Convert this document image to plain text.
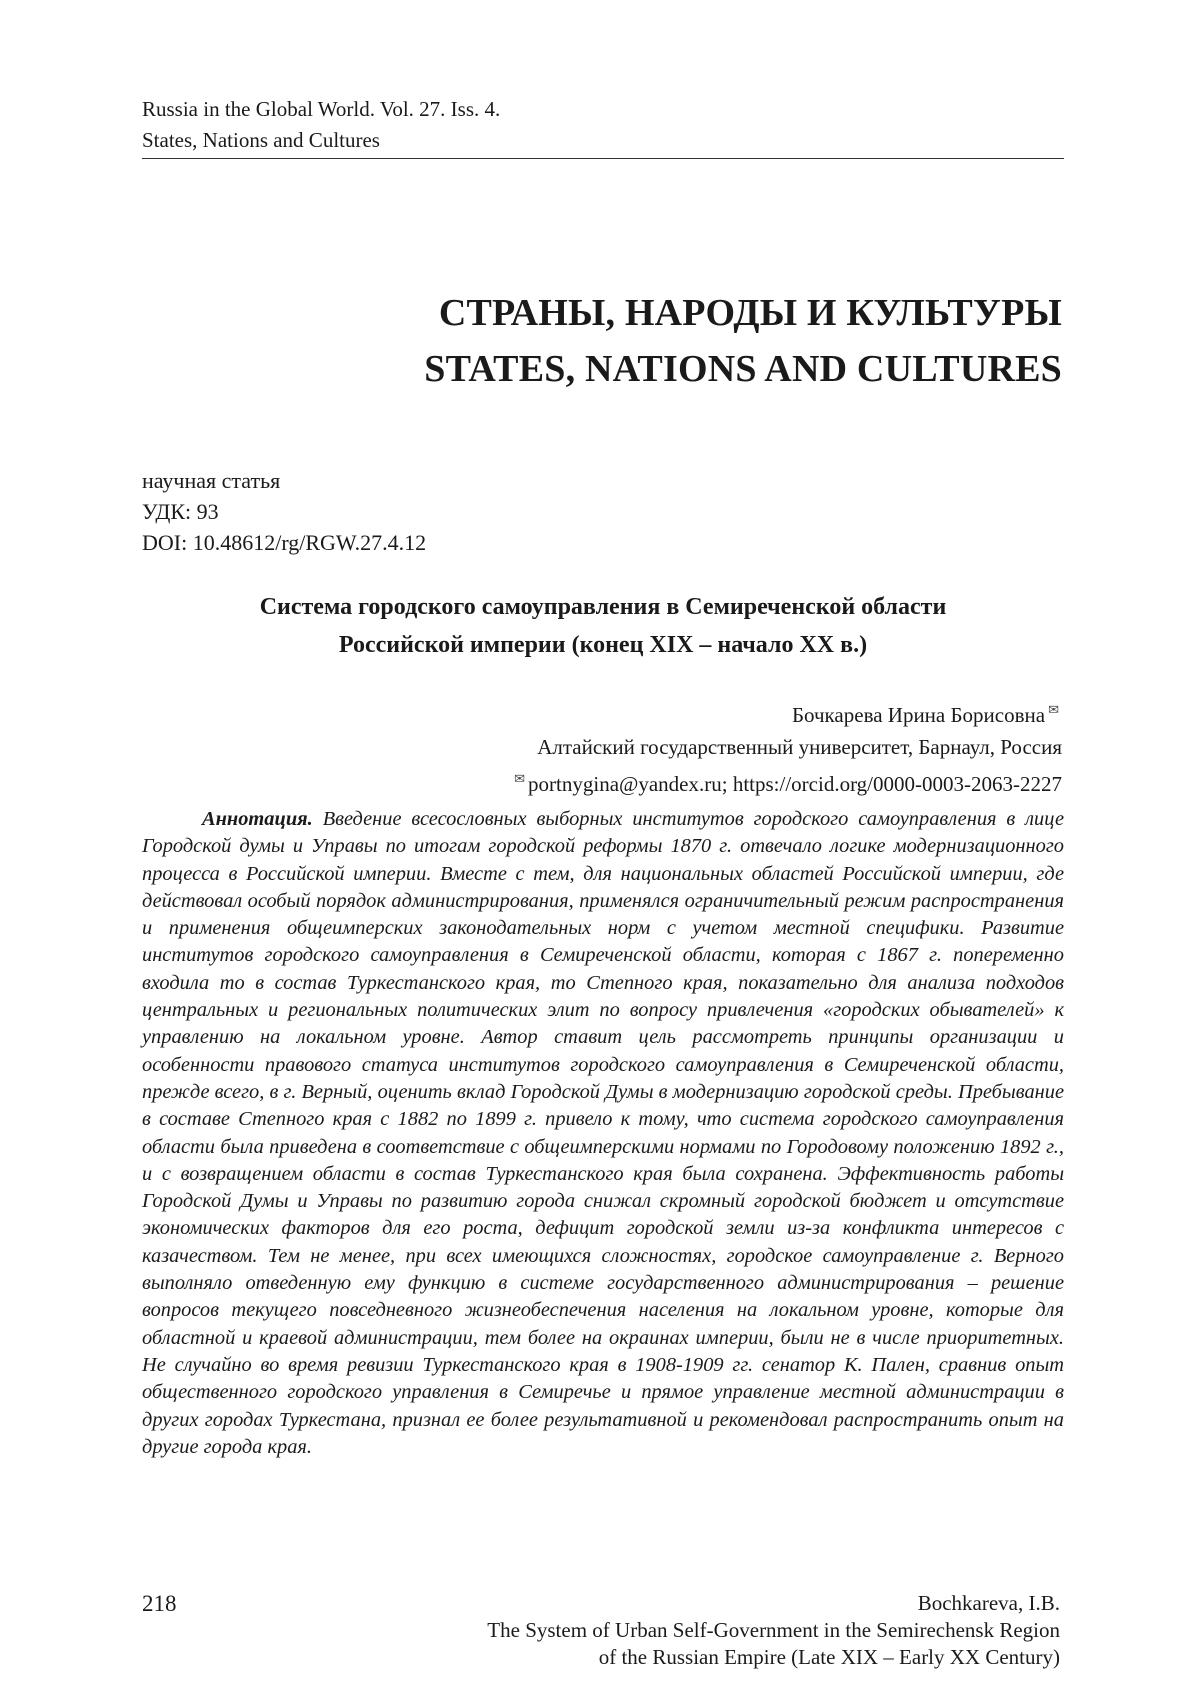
Russia in the Global World. Vol. 27. Iss. 4.
States, Nations and Cultures
СТРАНЫ, НАРОДЫ И КУЛЬТУРЫ
STATES, NATIONS AND CULTURES
научная статья
УДК: 93
DOI: 10.48612/rg/RGW.27.4.12
Система городского самоуправления в Семиреченской области
Российской империи (конец XIX – начало XX в.)
Бочкарева Ирина Борисовна ✉
Алтайский государственный университет, Барнаул, Россия
✉ portnygina@yandex.ru; https://orcid.org/0000-0003-2063-2227
Аннотация. Введение всесословных выборных институтов городского самоуправления в лице Городской думы и Управы по итогам городской реформы 1870 г. отвечало логике модернизационного процесса в Российской империи. Вместе с тем, для национальных областей Российской империи, где действовал особый порядок администрирования, применялся ограничительный режим распространения и применения общеимперских законодательных норм с учетом местной специфики. Развитие институтов городского самоуправления в Семиреченской области, которая с 1867 г. попеременно входила то в состав Туркестанского края, то Степного края, показательно для анализа подходов центральных и региональных политических элит по вопросу привлечения «городских обывателей» к управлению на локальном уровне. Автор ставит цель рассмотреть принципы организации и особенности правового статуса институтов городского самоуправления в Семиреченской области, прежде всего, в г. Верный, оценить вклад Городской Думы в модернизацию городской среды. Пребывание в составе Степного края с 1882 по 1899 г. привело к тому, что система городского самоуправления области была приведена в соответствие с общеимперскими нормами по Городовому положению 1892 г., и с возвращением области в состав Туркестанского края была сохранена. Эффективность работы Городской Думы и Управы по развитию города снижал скромный городской бюджет и отсутствие экономических факторов для его роста, дефицит городской земли из-за конфликта интересов с казачеством. Тем не менее, при всех имеющихся сложностях, городское самоуправление г. Верного выполняло отведенную ему функцию в системе государственного администрирования – решение вопросов текущего повседневного жизнеобеспечения населения на локальном уровне, которые для областной и краевой администрации, тем более на окраинах империи, были не в числе приоритетных. Не случайно во время ревизии Туркестанского края в 1908-1909 гг. сенатор К. Пален, сравнив опыт общественного городского управления в Семиречье и прямое управление местной администрации в других городах Туркестана, признал ее более результативной и рекомендовал распространить опыт на другие города края.
218	Bochkareva, I.B.
The System of Urban Self-Government in the Semirechensk Region
of the Russian Empire (Late XIX – Early XX Century)
